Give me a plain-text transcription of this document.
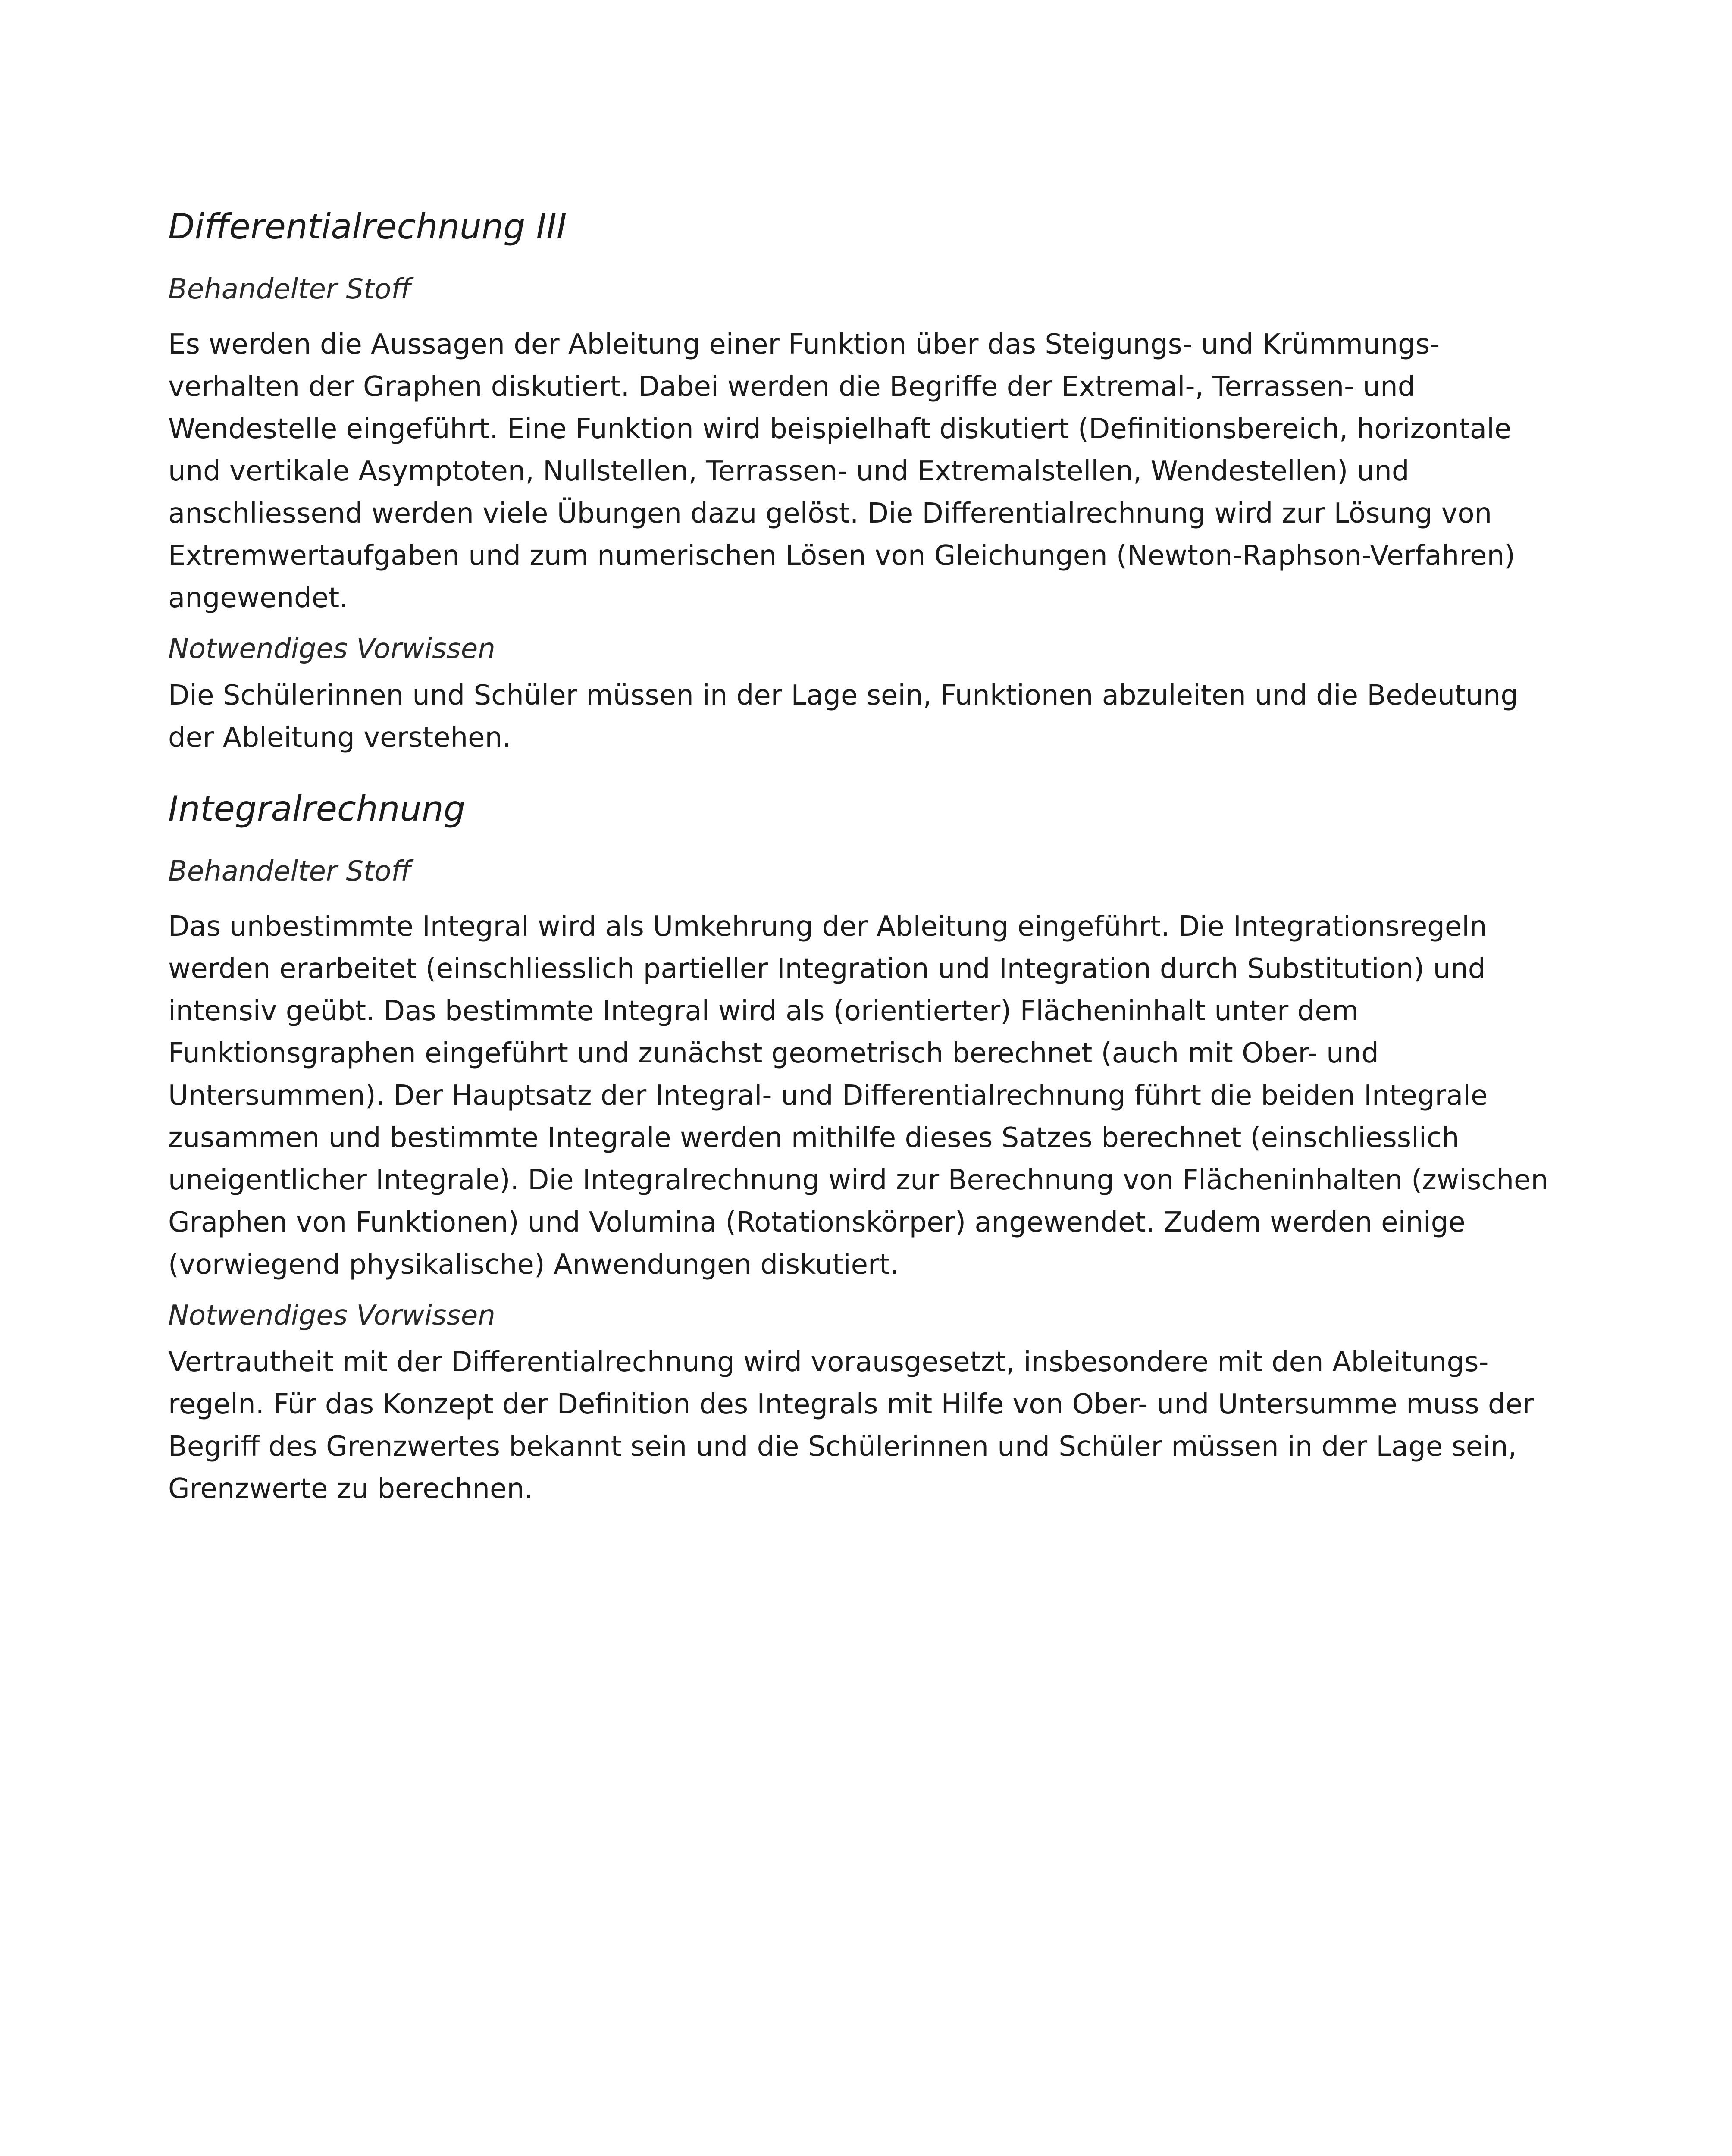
Differentialrechnung III
Behandelter Stoff

Es werden die Aussagen der Ableitung einer Funktion über das Steigungs- und Krümmungs-
verhalten der Graphen diskutiert. Dabei werden die Begriffe der Extremal-, Terrassen- und
Wendestelle eingeführt. Eine Funktion wird beispielhaft diskutiert (Definitionsbereich, horizontale
und vertikale Asymptoten, Nullstellen, Terrassen- und Extremalstellen, Wendestellen) und
anschliessend werden viele Übungen dazu gelöst. Die Differentialrechnung wird zur Lösung von
Extremwertaufgaben und zum numerischen Lösen von Gleichungen (Newton-Raphson-Verfahren)
angewendet.

Notwendiges Vorwissen

Die Schülerinnen und Schüler müssen in der Lage sein, Funktionen abzuleiten und die Bedeutung
der Ableitung verstehen.

Integralrechnung
Behandelter Stoff

Das unbestimmte Integral wird als Umkehrung der Ableitung eingeführt. Die Integrationsregeln
werden erarbeitet (einschliesslich partieller Integration und Integration durch Substitution) und
intensiv geübt. Das bestimmte Integral wird als (orientierter) Flächeninhalt unter dem
Funktionsgraphen eingeführt und zunächst geometrisch berechnet (auch mit Ober- und
Untersummen). Der Hauptsatz der Integral- und Differentialrechnung führt die beiden Integrale
zusammen und bestimmte Integrale werden mithilfe dieses Satzes berechnet (einschliesslich
uneigentlicher Integrale). Die Integralrechnung wird zur Berechnung von Flächeninhalten (zwischen
Graphen von Funktionen) und Volumina (Rotationskörper) angewendet. Zudem werden einige
(vorwiegend physikalische) Anwendungen diskutiert.

Notwendiges Vorwissen

Vertrautheit mit der Differentialrechnung wird vorausgesetzt, insbesondere mit den Ableitungs-
regeln. Für das Konzept der Definition des Integrals mit Hilfe von Ober- und Untersumme muss der
Begriff des Grenzwertes bekannt sein und die Schülerinnen und Schüler müssen in der Lage sein,
Grenzwerte zu berechnen.
